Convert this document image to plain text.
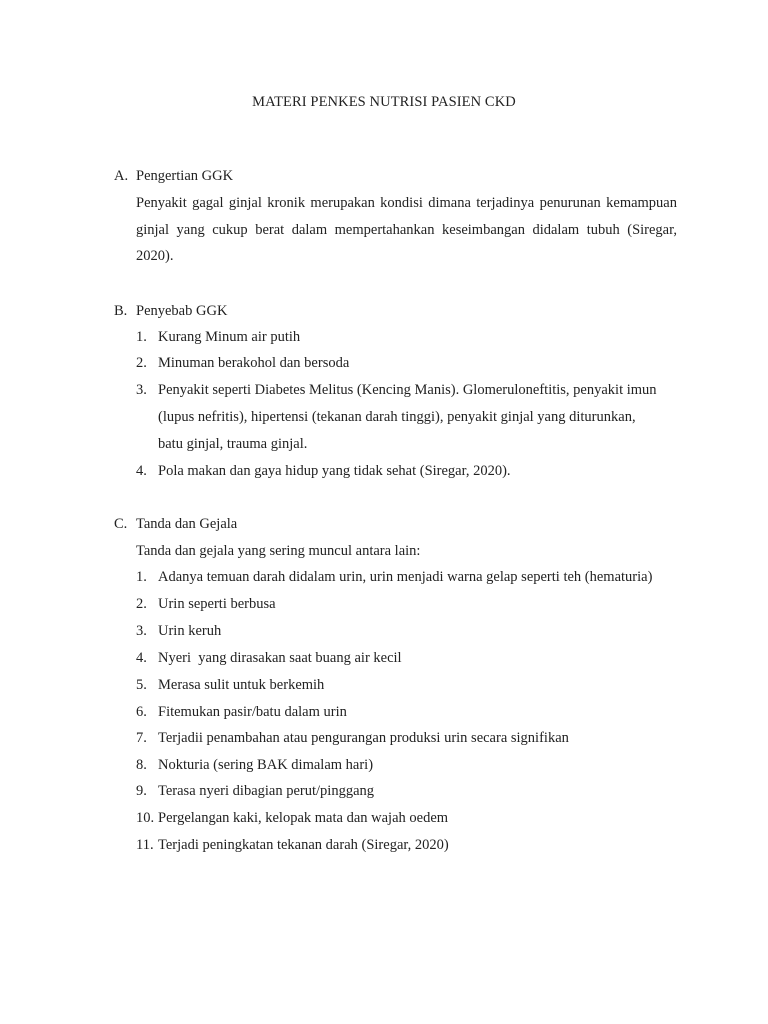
MATERI PENKES NUTRISI PASIEN CKD
A. Pengertian GGK
Penyakit gagal ginjal kronik merupakan kondisi dimana terjadinya penurunan kemampuan ginjal yang cukup berat dalam mempertahankan keseimbangan didalam tubuh (Siregar, 2020).
B. Penyebab GGK
1. Kurang Minum air putih
2. Minuman berakohol dan bersoda
3. Penyakit seperti Diabetes Melitus (Kencing Manis). Glomeruloneftitis, penyakit imun
(lupus nefritis), hipertensi (tekanan darah tinggi), penyakit ginjal yang diturunkan,
batu ginjal, trauma ginjal.
4. Pola makan dan gaya hidup yang tidak sehat (Siregar, 2020).
C. Tanda dan Gejala
Tanda dan gejala yang sering muncul antara lain:
1. Adanya temuan darah didalam urin, urin menjadi warna gelap seperti teh (hematuria)
2. Urin seperti berbusa
3. Urin keruh
4. Nyeri  yang dirasakan saat buang air kecil
5. Merasa sulit untuk berkemih
6. Fitemukan pasir/batu dalam urin
7. Terjadii penambahan atau pengurangan produksi urin secara signifikan
8. Nokturia (sering BAK dimalam hari)
9. Terasa nyeri dibagian perut/pinggang
10. Pergelangan kaki, kelopak mata dan wajah oedem
11. Terjadi peningkatan tekanan darah (Siregar, 2020)
